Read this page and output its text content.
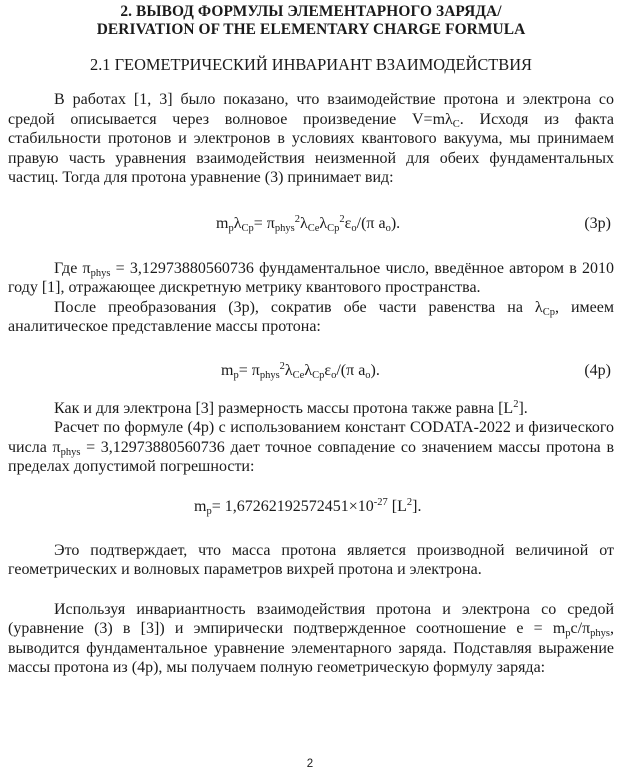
2. ВЫВОД ФОРМУЛЫ ЭЛЕМЕНТАРНОГО ЗАРЯДА/
DERIVATION OF THE ELEMENTARY CHARGE FORMULA
2.1 ГЕОМЕТРИЧЕСКИЙ ИНВАРИАНТ ВЗАИМОДЕЙСТВИЯ

В работах [1, 3] было показано, что взаимодействие протона и электрона со средой описывается через волновое произведение $V=m\lambda_C$. Исходя из факта стабильности протонов и электронов в условиях квантового вакуума, мы принимаем правую часть уравнения взаимодействия неизменной для обеих фундаментальных частиц. Тогда для протона уравнение (3) принимает вид:

$m_p\lambda_{Cp}= \pi_{phys}^2\lambda_{Ce}\lambda_{Cp}^2\varepsilon_o/(\pi$ $a_o$).	(3p)

Где $\pi_{phys} = 3,12973880560736$ фундаментальное число, введённое автором в 2010 году [1], отражающее дискретную метрику квантового пространства.

После преобразования (3р), сократив обе части равенства на $\lambda_{Cp}$, имеем аналитическое представление массы протона:

$m_p= \pi_{phys}^2\lambda_{Ce}\lambda_{Cp}\varepsilon_o/(\pi$ $a_o$).	(4p)

Как и для электрона [3] размерность массы протона также равна $[L^2]$.

Расчет по формуле (4р) с использованием констант CODATA-2022 и физического числа $\pi_{phys} = 3,12973880560736$ дает точное совпадение со значением массы протона в пределах допустимой погрешности:

$m_p= 1,67262192572451\times 10^{-27}$ $[L^2]$.

Это подтверждает, что масса протона является производной величиной от геометрических и волновых параметров вихрей протона и электрона.

Используя инвариантность взаимодействия протона и электрона со средой (уравнение (3) в [3]) и эмпирически подтвержденное соотношение $e = m_pc/\pi_{phys}$, выводится фундаментальное уравнение элементарного заряда. Подставляя выражение массы протона из (4р), мы получаем полную геометрическую формулу заряда:

2
